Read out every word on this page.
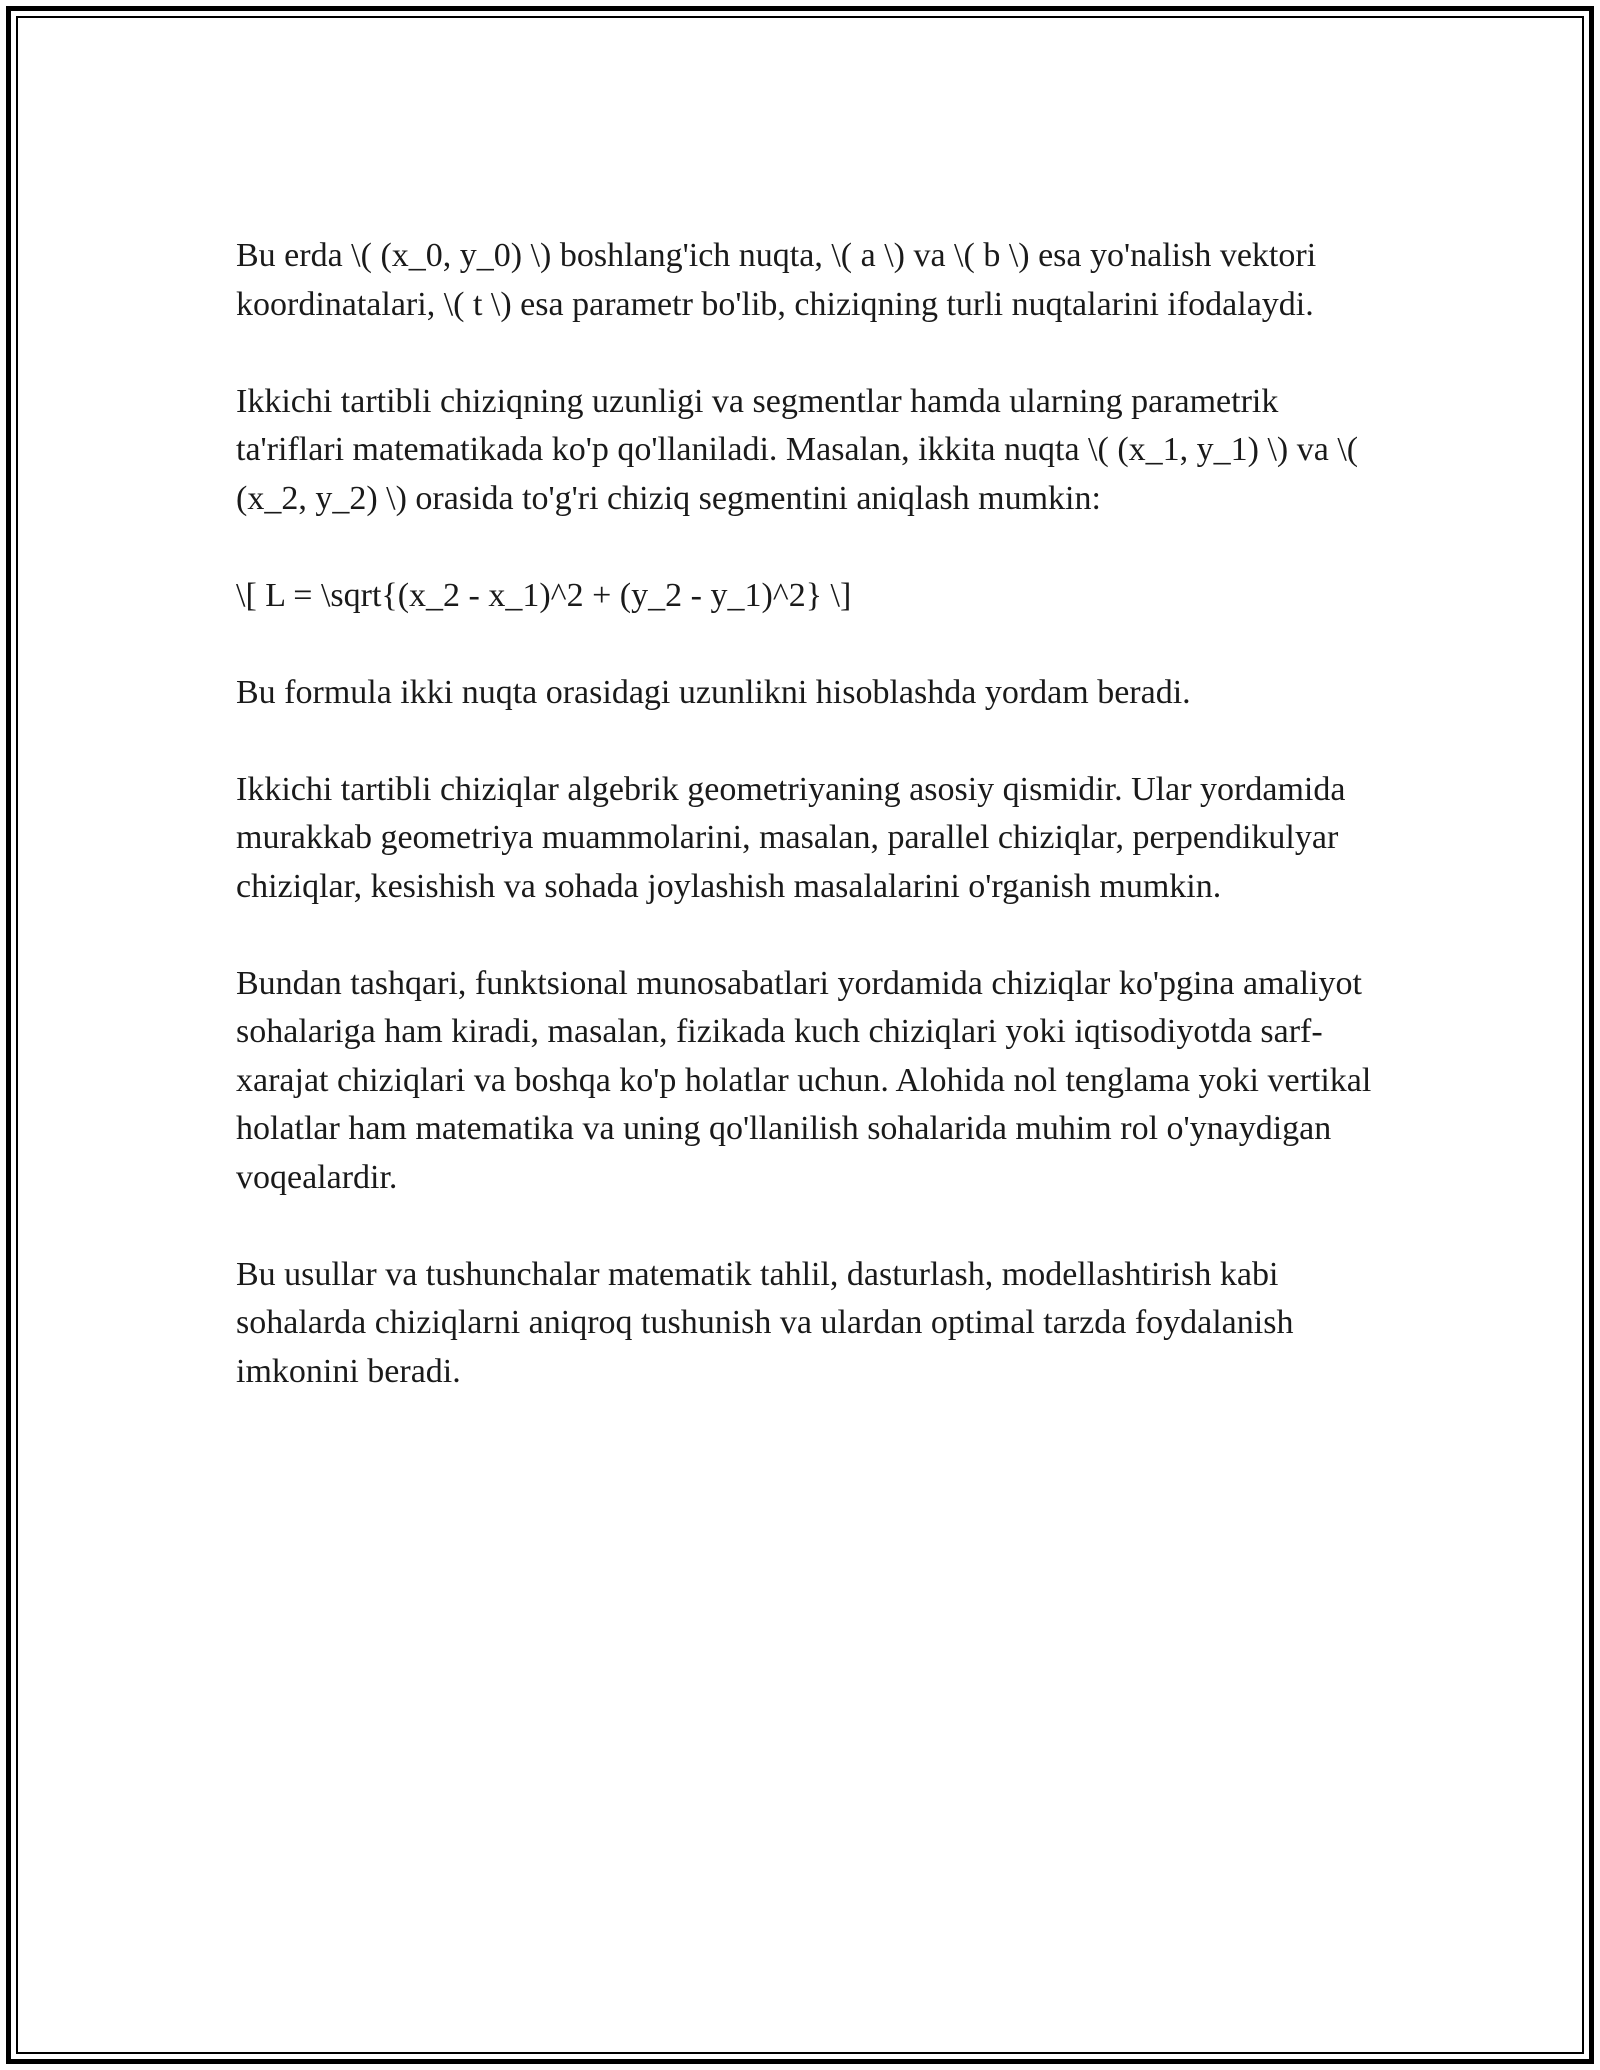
Bu erda \( (x_0, y_0) \) boshlang'ich nuqta, \( a \) va \( b \) esa yo'nalish vektori koordinatalari, \( t \) esa parametr bo'lib, chiziqning turli nuqtalarini ifodalaydi.

Ikkichi tartibli chiziqning uzunligi va segmentlar hamda ularning parametrik ta'riflari matematikada ko'p qo'llaniladi. Masalan, ikkita nuqta \( (x_1, y_1) \) va \( (x_2, y_2) \) orasida to'g'ri chiziq segmentini aniqlash mumkin:

\[ L = \sqrt{(x_2 - x_1)^2 + (y_2 - y_1)^2} \]

Bu formula ikki nuqta orasidagi uzunlikni hisoblashda yordam beradi.

Ikkichi tartibli chiziqlar algebrik geometriyaning asosiy qismidir. Ular yordamida murakkab geometriya muammolarini, masalan, parallel chiziqlar, perpendikulyar chiziqlar, kesishish va sohada joylashish masalalarini o'rganish mumkin.

Bundan tashqari, funktsional munosabatlari yordamida chiziqlar ko'pgina amaliyot sohalariga ham kiradi, masalan, fizikada kuch chiziqlari yoki iqtisodiyotda sarf-xarajat chiziqlari va boshqa ko'p holatlar uchun. Alohida nol tenglama yoki vertikal holatlar ham matematika va uning qo'llanilish sohalarida muhim rol o'ynaydigan voqealardir.

Bu usullar va tushunchalar matematik tahlil, dasturlash, modellashtirish kabi sohalarda chiziqlarni aniqroq tushunish va ulardan optimal tarzda foydalanish imkonini beradi.
